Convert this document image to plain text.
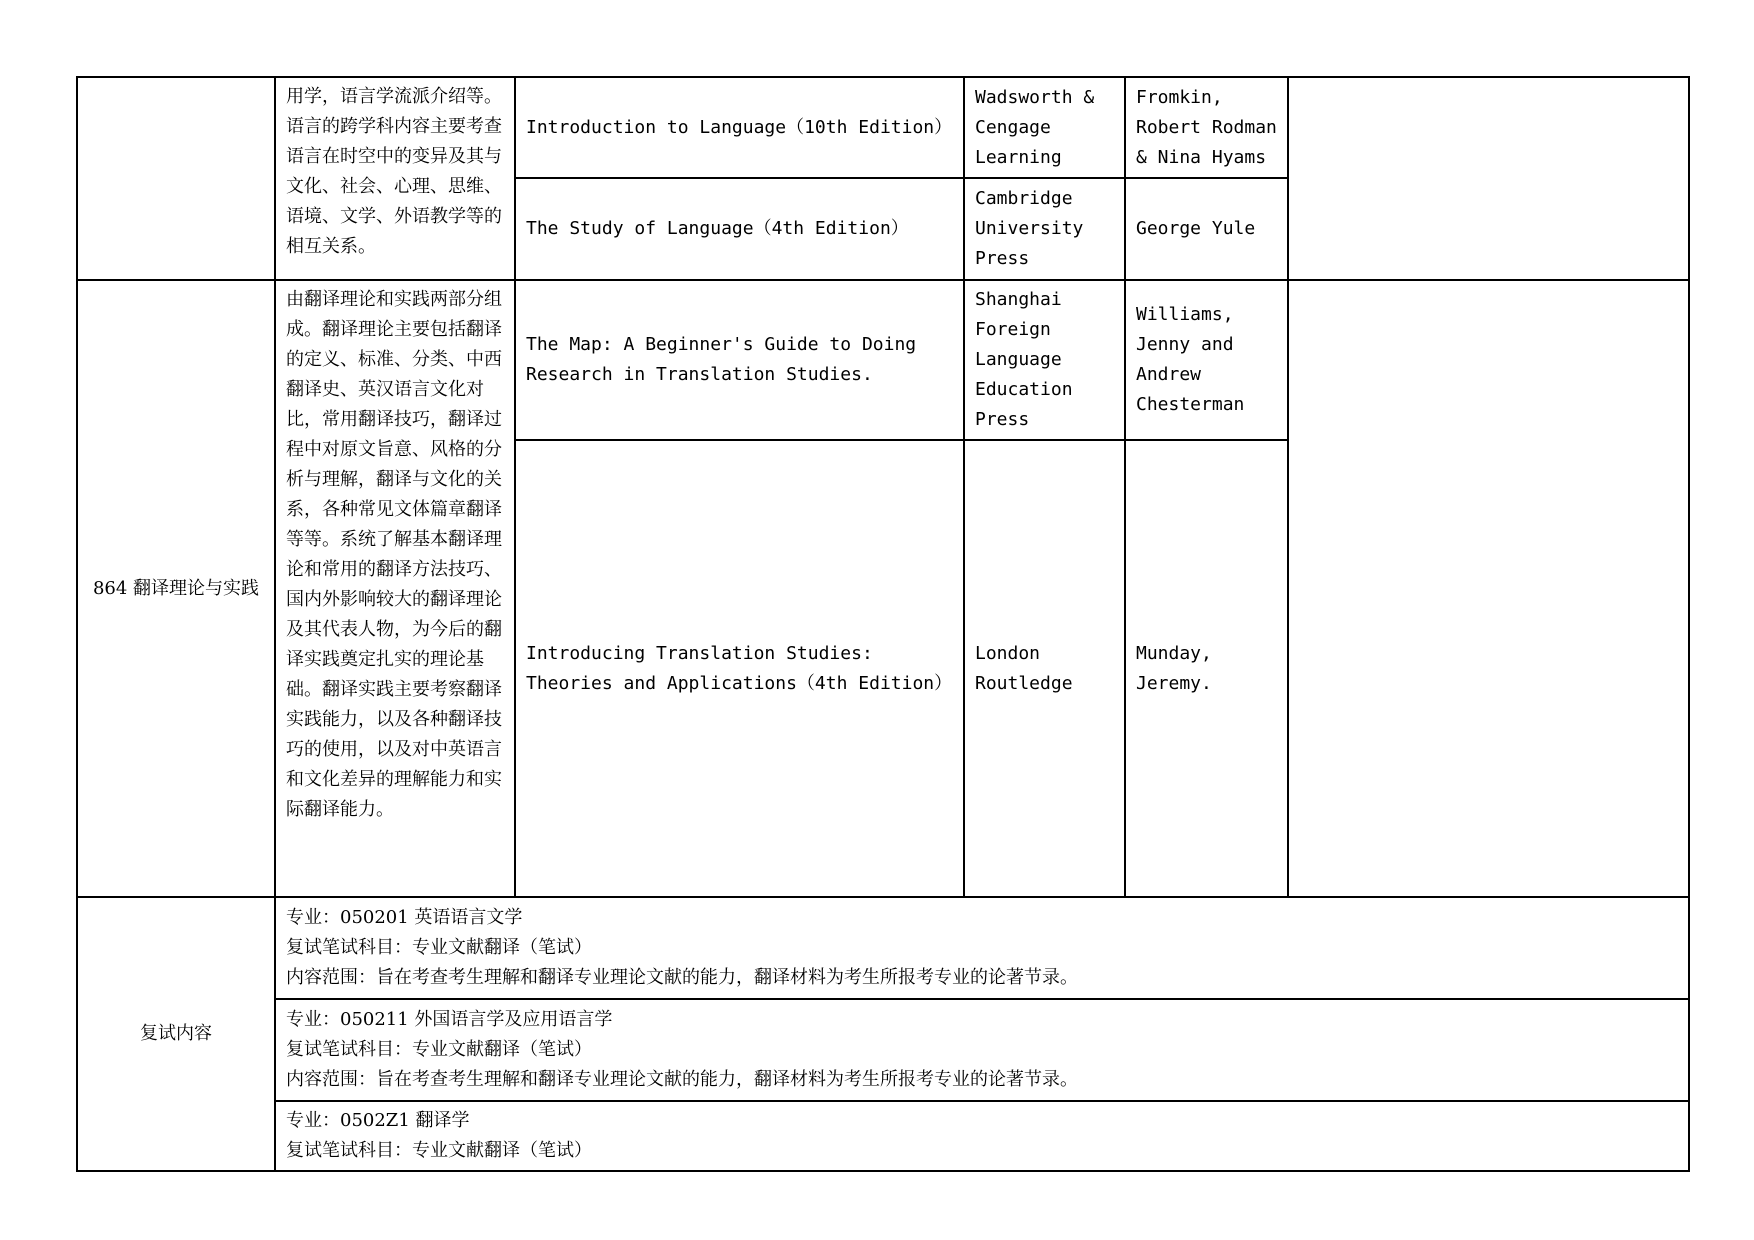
	用学，语言学流派介绍等。语言的跨学科内容主要考查语言在时空中的变异及其与文化、社会、心理、思维、语境、文学、外语教学等的相互关系。	Introduction to Language（10th Edition）	Wadsworth & Cengage Learning	Fromkin, Robert Rodman & Nina Hyams	
		The Study of Language（4th Edition）	Cambridge University Press	George Yule	
864 翻译理论与实践	由翻译理论和实践两部分组成。翻译理论主要包括翻译的定义、标准、分类、中西翻译史、英汉语言文化对比，常用翻译技巧，翻译过程中对原文旨意、风格的分析与理解，翻译与文化的关系，各种常见文体篇章翻译等等。系统了解基本翻译理论和常用的翻译方法技巧、国内外影响较大的翻译理论及其代表人物，为今后的翻译实践奠定扎实的理论基础。翻译实践主要考察翻译实践能力，以及各种翻译技巧的使用，以及对中英语言和文化差异的理解能力和实际翻译能力。	The Map: A Beginner's Guide to Doing Research in Translation Studies.	Shanghai Foreign Language Education Press	Williams, Jenny and Andrew Chesterman	
		Introducing Translation Studies: Theories and Applications（4th Edition）	London Routledge	Munday, Jeremy.	
复试内容	专业：050201 英语语言文学
复试笔试科目：专业文献翻译（笔试）
内容范围：旨在考查考生理解和翻译专业理论文献的能力，翻译材料为考生所报考专业的论著节录。				

	专业：050211 外国语言学及应用语言学
复试笔试科目：专业文献翻译（笔试）
内容范围：旨在考查考生理解和翻译专业理论文献的能力，翻译材料为考生所报考专业的论著节录。				

	专业：0502Z1 翻译学
复试笔试科目：专业文献翻译（笔试）				
